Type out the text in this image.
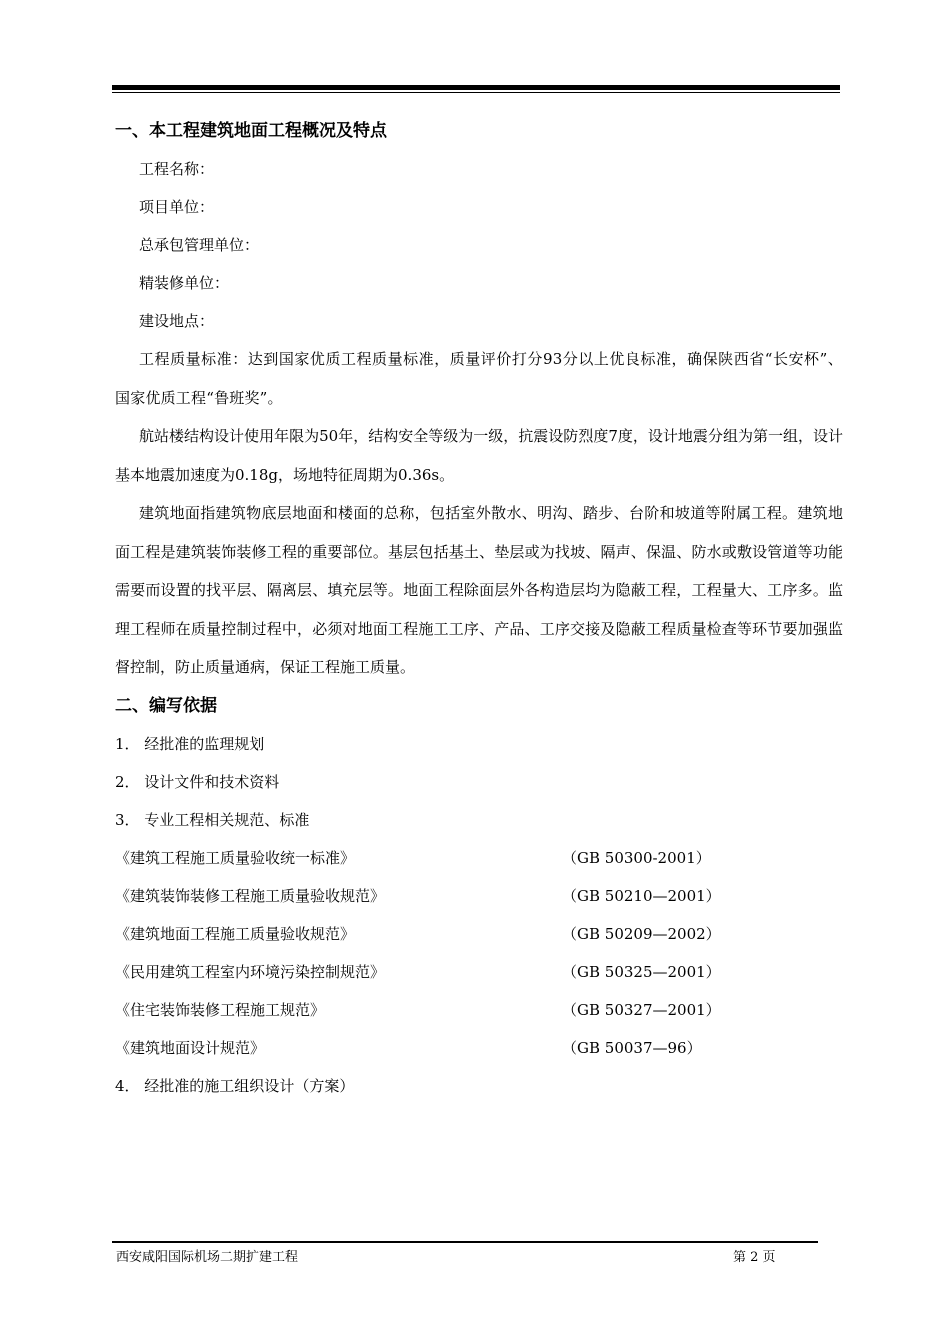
一、本工程建筑地面工程概况及特点
工程名称：
项目单位：
总承包管理单位：
精装修单位：
建设地点：
工程质量标准：达到国家优质工程质量标准，质量评价打分93分以上优良标准，确保陕西省“长安杯”、国家优质工程“鲁班奖”。
航站楼结构设计使用年限为50年，结构安全等级为一级，抗震设防烈度7度，设计地震分组为第一组，设计基本地震加速度为0.18g，场地特征周期为0.36s。
建筑地面指建筑物底层地面和楼面的总称，包括室外散水、明沟、踏步、台阶和坡道等附属工程。建筑地面工程是建筑装饰装修工程的重要部位。基层包括基土、垫层或为找坡、隔声、保温、防水或敷设管道等功能需要而设置的找平层、隔离层、填充层等。地面工程除面层外各构造层均为隐蔽工程，工程量大、工序多。监理工程师在质量控制过程中，必须对地面工程施工工序、产品、工序交接及隐蔽工程质量检查等环节要加强监督控制，防止质量通病，保证工程施工质量。
二、编写依据
1． 经批准的监理规划
2． 设计文件和技术资料
3． 专业工程相关规范、标准
《建筑工程施工质量验收统一标准》	（GB 50300-2001）
《建筑装饰装修工程施工质量验收规范》	（GB 50210—2001）
《建筑地面工程施工质量验收规范》	（GB 50209—2002）
《民用建筑工程室内环境污染控制规范》	（GB 50325—2001）
《住宅装饰装修工程施工规范》	（GB 50327—2001）
《建筑地面设计规范》	（GB 50037—96）
4． 经批准的施工组织设计（方案）
西安咸阳国际机场二期扩建工程	第 2 页
